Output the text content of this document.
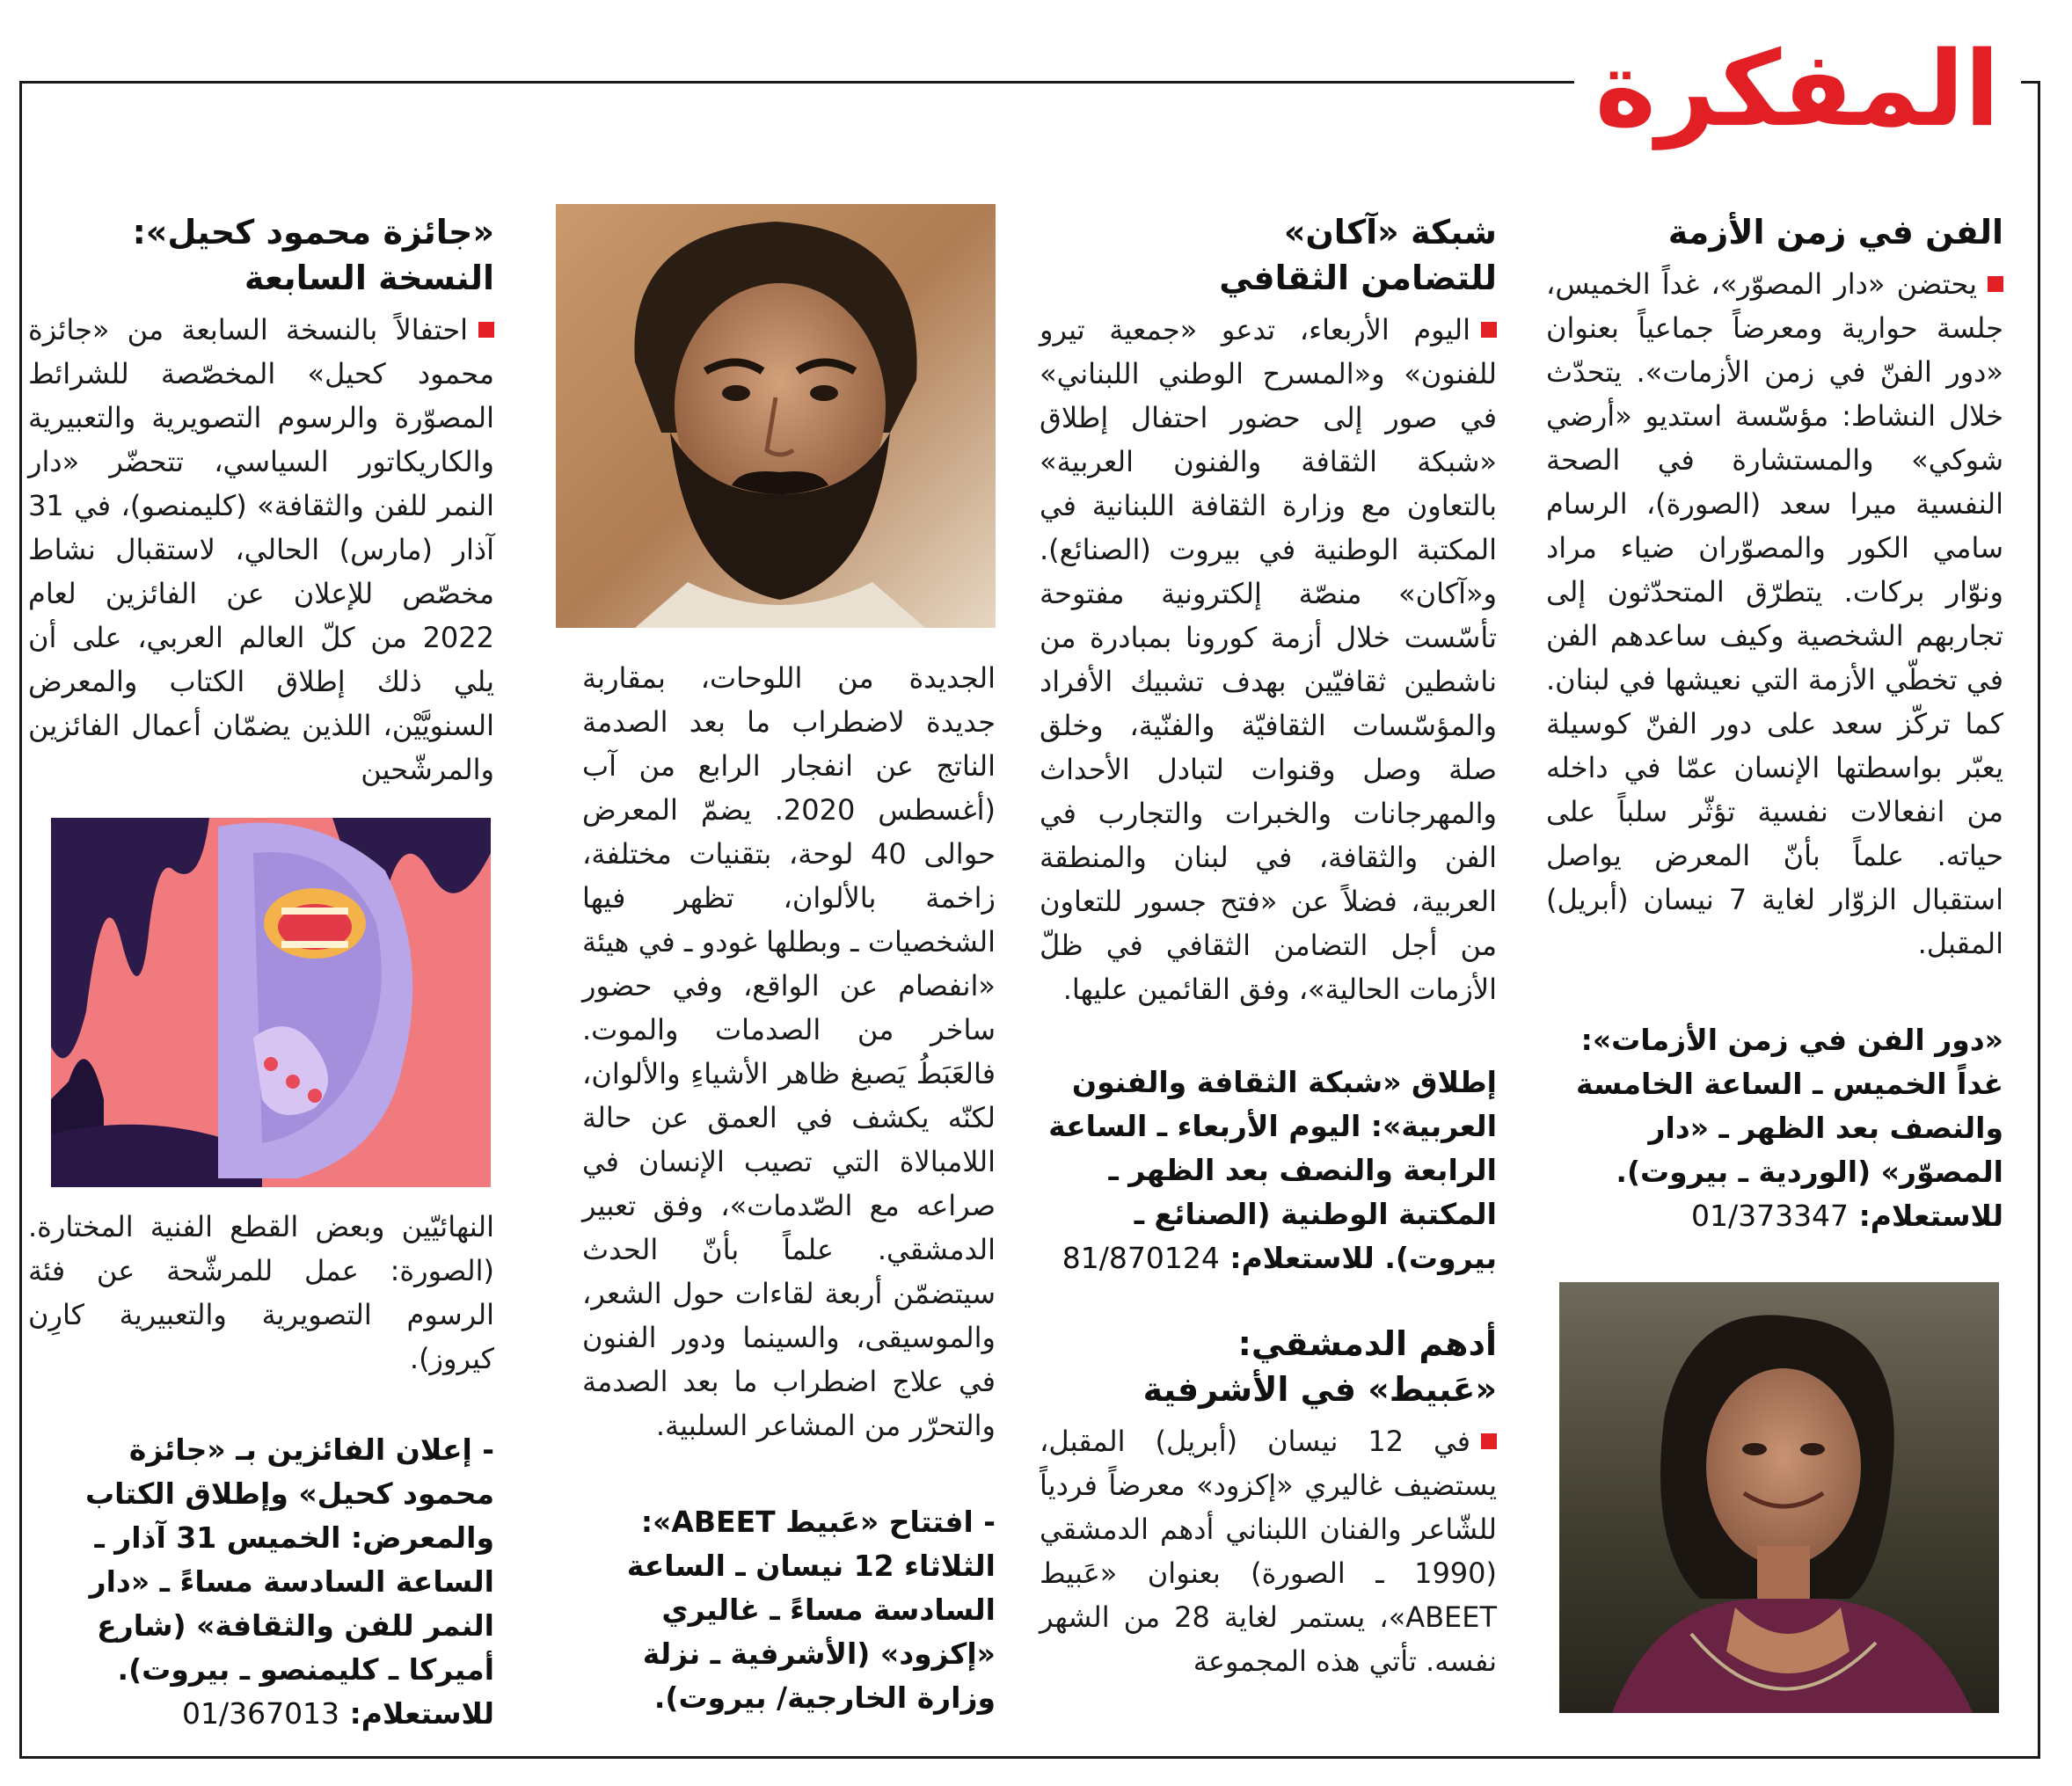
المفكرة
الفن في زمن الأزمة

يحتضن «دار المصوّر»، غداً الخميس، جلسة حوارية ومعرضاً جماعياً بعنوان «دور الفنّ في زمن الأزمات». يتحدّث خلال النشاط: مؤسّسة استديو «أرضي شوكي» والمستشارة في الصحة النفسية ميرا سعد (الصورة)، الرسام سامي الكور والمصوّران ضياء مراد ونوّار بركات. يتطرّق المتحدّثون إلى تجاربهم الشخصية وكيف ساعدهم الفن في تخطّي الأزمة التي نعيشها في لبنان. كما تركّز سعد على دور الفنّ كوسيلة يعبّر بواسطتها الإنسان عمّا في داخله من انفعالات نفسية تؤثّر سلباً على حياته. علماً بأنّ المعرض يواصل استقبال الزوّار لغاية 7 نيسان (أبريل) المقبل.

«دور الفن في زمن الأزمات»: غداً الخميس ـ الساعة الخامسة والنصف بعد الظهر ـ «دار المصوّر» (الوردية ـ بيروت). للاستعلام: 01/373347

شبكة «آكان»
للتضامن الثقافي

اليوم الأربعاء، تدعو «جمعية تيرو للفنون» و«المسرح الوطني اللبناني» في صور إلى حضور احتفال إطلاق «شبكة الثقافة والفنون العربية» بالتعاون مع وزارة الثقافة اللبنانية في المكتبة الوطنية في بيروت (الصنائع). و«آكان» منصّة إلكترونية مفتوحة تأسّست خلال أزمة كورونا بمبادرة من ناشطين ثقافيّين بهدف تشبيك الأفراد والمؤسّسات الثقافيّة والفنّية، وخلق صلة وصل وقنوات لتبادل الأحداث والمهرجانات والخبرات والتجارب في الفن والثقافة، في لبنان والمنطقة العربية، فضلاً عن «فتح جسور للتعاون من أجل التضامن الثقافي في ظلّ الأزمات الحالية»، وفق القائمين عليها.

إطلاق «شبكة الثقافة والفنون العربية»: اليوم الأربعاء ـ الساعة الرابعة والنصف بعد الظهر ـ المكتبة الوطنية (الصنائع ـ بيروت). للاستعلام: 81/870124

أدهم الدمشقي:
«عَبيط» في الأشرفية

في 12 نيسان (أبريل) المقبل، يستضيف غاليري «إكزود» معرضاً فردياً للشّاعر والفنان اللبناني أدهم الدمشقي (1990 ـ الصورة) بعنوان «عَبيط ABEET»، يستمر لغاية 28 من الشهر نفسه. تأتي هذه المجموعة

الجديدة من اللوحات، بمقاربة جديدة لاضطراب ما بعد الصدمة الناتج عن انفجار الرابع من آب (أغسطس 2020. يضمّ المعرض حوالى 40 لوحة، بتقنيات مختلفة، زاخمة بالألوان، تظهر فيها الشخصيات ـ وبطلها غودو ـ في هيئة «انفصام عن الواقع، وفي حضور ساخر من الصدمات والموت. فالعَبَطُ يَصبغ ظاهر الأشياءِ والألوان، لكنّه يكشف في العمق عن حالة اللامبالاة التي تصيب الإنسان في صراعه مع الصّدمات»، وفق تعبير الدمشقي. علماً بأنّ الحدث سيتضمّن أربعة لقاءات حول الشعر، والموسيقى، والسينما ودور الفنون في علاج اضطراب ما بعد الصدمة والتحرّر من المشاعر السلبية.

- افتتاح «عَبيط ABEET»: الثلاثاء 12 نيسان ـ الساعة السادسة مساءً ـ غاليري «إكزود» (الأشرفية ـ نزلة وزارة الخارجية/ بيروت).

«جائزة محمود كحيل»:
النسخة السابعة

احتفالاً بالنسخة السابعة من «جائزة محمود كحيل» المخصّصة للشرائط المصوّرة والرسوم التصويرية والتعبيرية والكاريكاتور السياسي، تتحضّر «دار النمر للفن والثقافة» (كليمنصو)، في 31 آذار (مارس) الحالي، لاستقبال نشاط مخصّص للإعلان عن الفائزين لعام 2022 من كلّ العالم العربي، على أن يلي ذلك إطلاق الكتاب والمعرض السنويَّيْن، اللذين يضمّان أعمال الفائزين والمرشّحين

النهائيّين وبعض القطع الفنية المختارة. (الصورة: عمل للمرشّحة عن فئة الرسوم التصويرية والتعبيرية كارِن كيروز).

- إعلان الفائزين بـ «جائزة محمود كحيل» وإطلاق الكتاب والمعرض: الخميس 31 آذار ـ الساعة السادسة مساءً ـ «دار النمر للفن والثقافة» (شارع أميركا ـ كليمنصو ـ بيروت). للاستعلام: 01/367013
